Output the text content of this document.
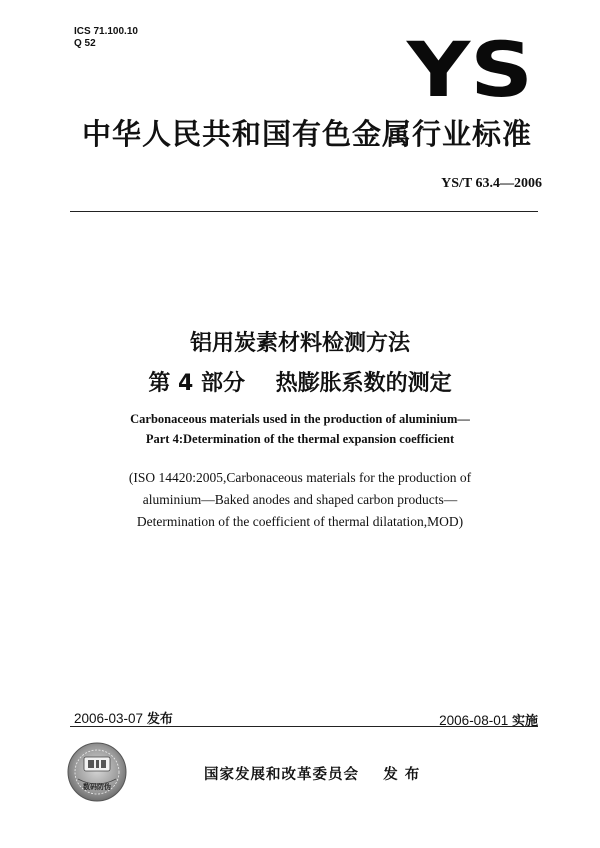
ICS 71.100.10
Q 52	YS
中华人民共和国有色金属行业标准
YS/T 63.4—2006
铝用炭素材料检测方法
第 4 部分    热膨胀系数的测定
Carbonaceous materials used in the production of aluminium—
Part 4:Determination of the thermal expansion coefficient
(ISO 14420:2005,Carbonaceous materials for the production of
aluminium—Baked anodes and shaped carbon products—
Determination of the coefficient of thermal dilatation,MOD)
2006-03-07 发布	2006-08-01 实施
数码防伪
国家发展和改革委员会    发 布
